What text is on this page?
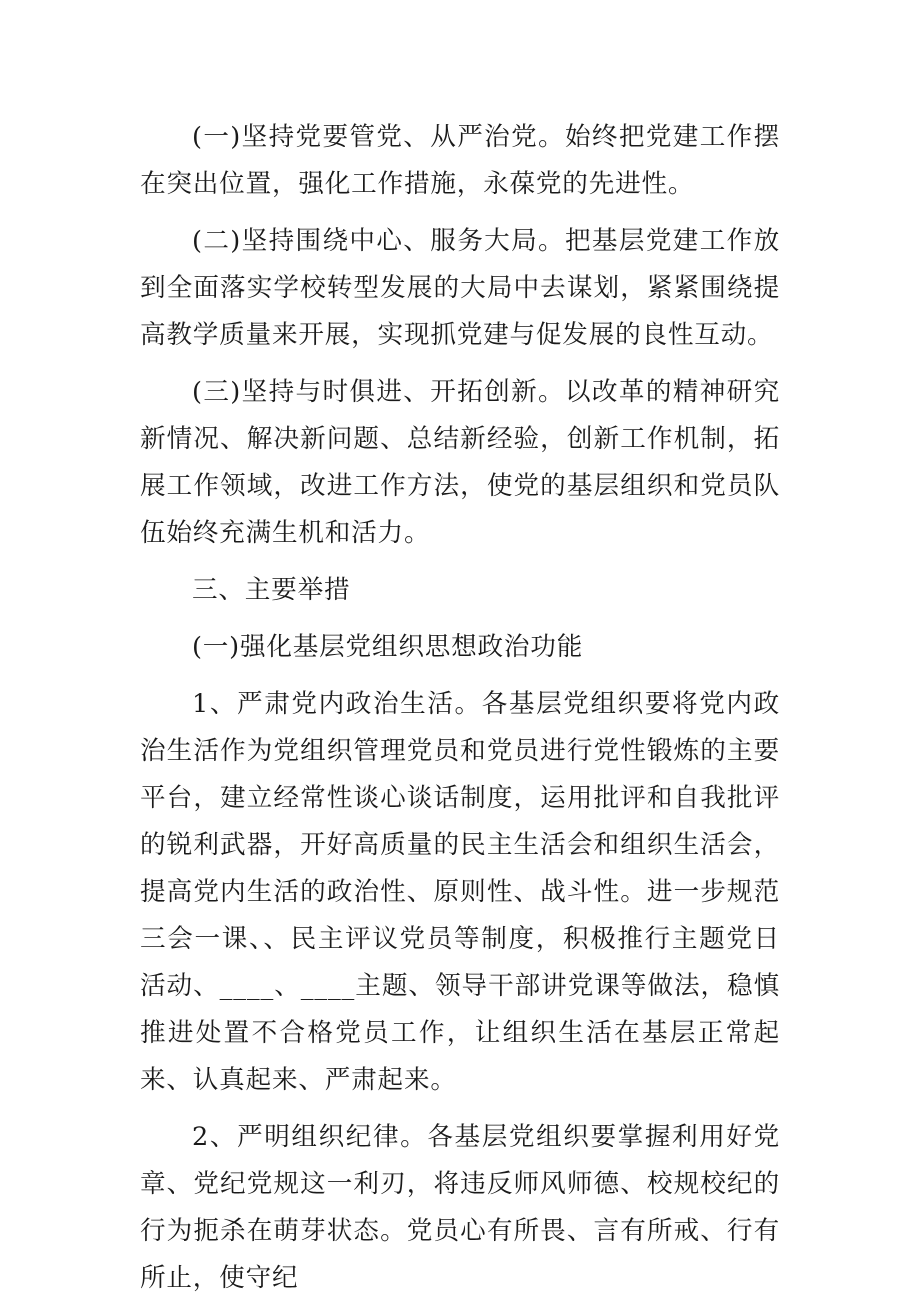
(一)坚持党要管党、从严治党。始终把党建工作摆在突出位置，强化工作措施，永葆党的先进性。

(二)坚持围绕中心、服务大局。把基层党建工作放到全面落实学校转型发展的大局中去谋划，紧紧围绕提高教学质量来开展，实现抓党建与促发展的良性互动。

(三)坚持与时俱进、开拓创新。以改革的精神研究新情况、解决新问题、总结新经验，创新工作机制，拓展工作领域，改进工作方法，使党的基层组织和党员队伍始终充满生机和活力。

三、主要举措

(一)强化基层党组织思想政治功能

1、严肃党内政治生活。各基层党组织要将党内政治生活作为党组织管理党员和党员进行党性锻炼的主要平台，建立经常性谈心谈话制度，运用批评和自我批评的锐利武器，开好高质量的民主生活会和组织生活会，提高党内生活的政治性、原则性、战斗性。进一步规范三会一课、、民主评议党员等制度，积极推行主题党日活动、____、____主题、领导干部讲党课等做法，稳慎推进处置不合格党员工作，让组织生活在基层正常起来、认真起来、严肃起来。

2、严明组织纪律。各基层党组织要掌握利用好党章、党纪党规这一利刃，将违反师风师德、校规校纪的行为扼杀在萌芽状态。党员心有所畏、言有所戒、行有所止，使守纪
